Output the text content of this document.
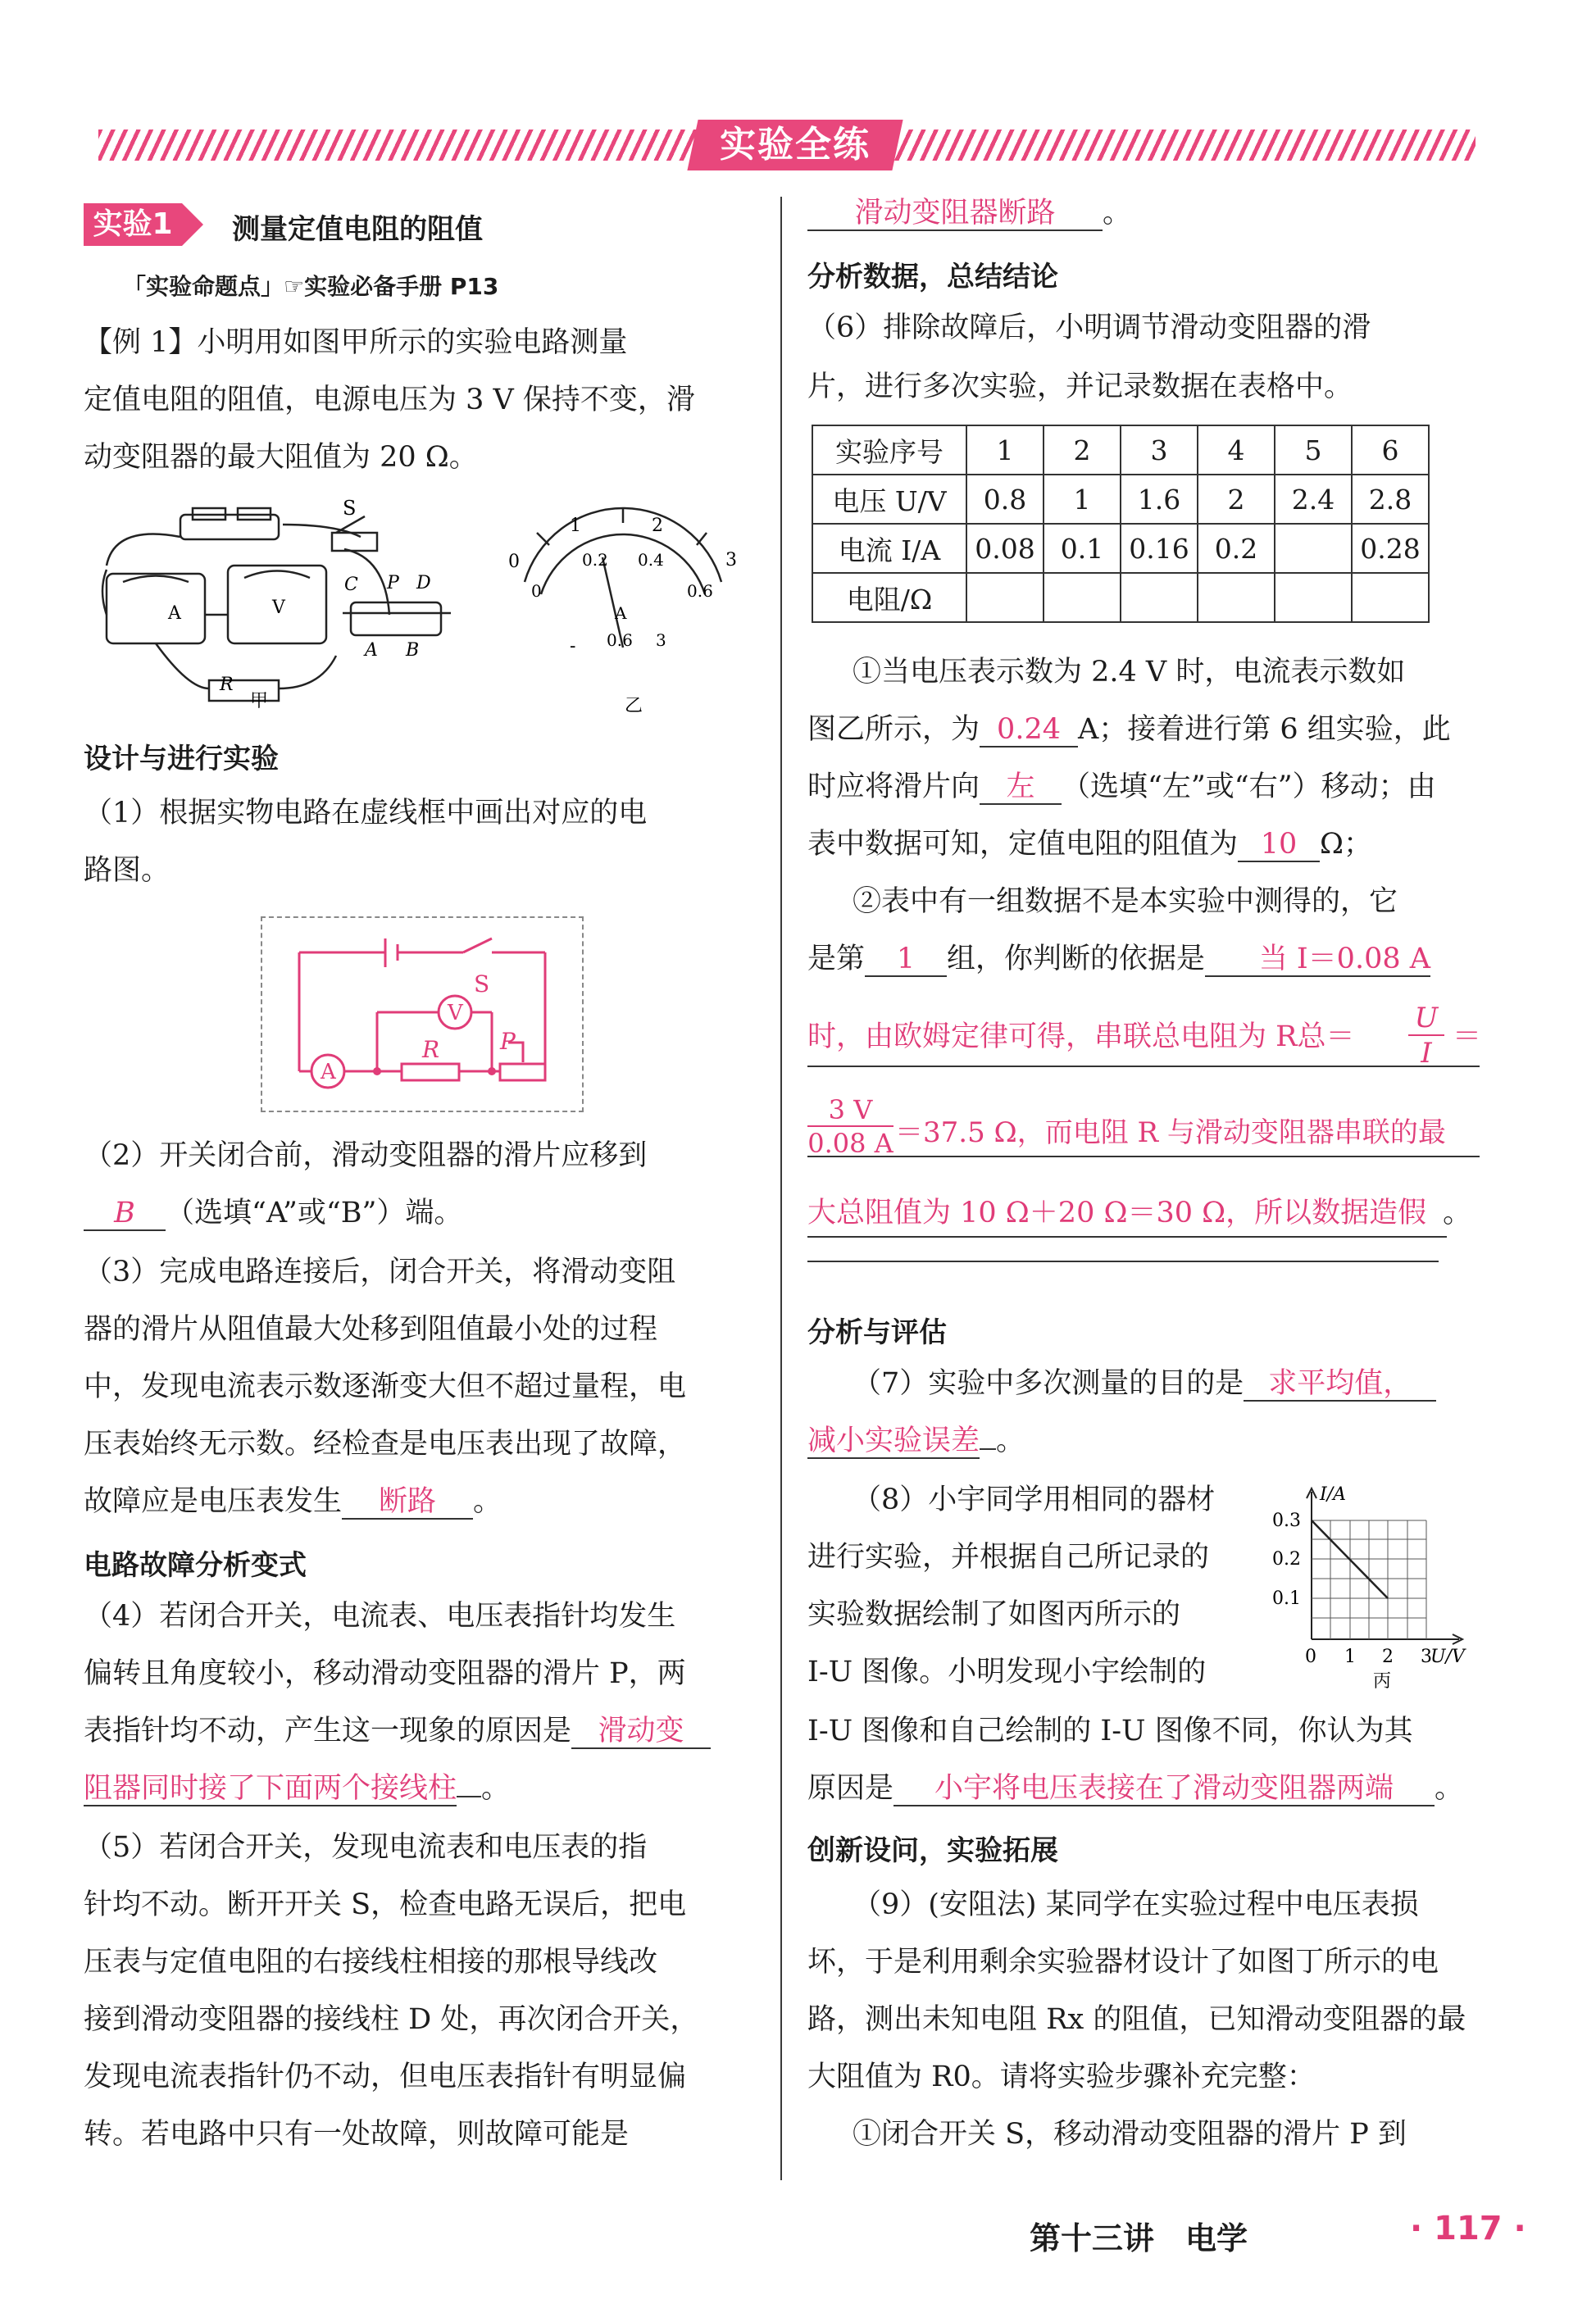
实验全练
实验1	测量定值电阻的阻值
「实验命题点」☞实验必备手册 P13
【例 1】小明用如图甲所示的实验电路测量
定值电阻的阻值，电源电压为 3 V 保持不变，滑
动变阻器的最大阻值为 20 Ω。
A	V
S
C P D
A B
R
甲
0
1	2
3
0.2 0.4
0.6
0
A
- 0.6 3
乙
设计与进行实验
（1）根据实物电路在虚线框中画出对应的电
路图。
S
V
A
R	P
（2）开关闭合前，滑动变阻器的滑片应移到
B （选填“A”或“B”）端。
（3）完成电路连接后，闭合开关，将滑动变阻
器的滑片从阻值最大处移到阻值最小处的过程
中，发现电流表示数逐渐变大但不超过量程，电
压表始终无示数。经检查是电压表出现了故障，
故障应是电压表发生 断路 。
电路故障分析变式
（4）若闭合开关，电流表、电压表指针均发生
偏转且角度较小，移动滑动变阻器的滑片 P，两
表指针均不动，产生这一现象的原因是 滑动变
阻器同时接了下面两个接线柱 。
（5）若闭合开关，发现电流表和电压表的指
针均不动。断开开关 S，检查电路无误后，把电
压表与定值电阻的右接线柱相接的那根导线改
接到滑动变阻器的接线柱 D 处，再次闭合开关，
发现电流表指针仍不动，但电压表指针有明显偏
转。若电路中只有一处故障，则故障可能是
滑动变阻器断路 。
分析数据，总结结论
（6）排除故障后，小明调节滑动变阻器的滑
片，进行多次实验，并记录数据在表格中。
实验序号	1	2	3	4	5	6
电压 U/V	0.8	1	1.6	2	2.4	2.8
电流 I/A	0.08	0.1	0.16	0.2		0.28
电阻/Ω						
①当电压表示数为 2.4 V 时，电流表示数如
图乙所示，为 0.24 A；接着进行第 6 组实验，此
时应将滑片向 左 （选填“左”或“右”）移动；由
表中数据可知，定值电阻的阻值为 10 Ω；
②表中有一组数据不是本实验中测得的，它
是第 1 组，你判断的依据是 当 I＝0.08 A
时，由欧姆定律可得，串联总电阻为 R总＝ $\frac{U}{I}$ ＝
$\frac{3 V}{0.08 A} =37.5$ Ω，而电阻 R 与滑动变阻器串联的最
大总阻值为 10 Ω＋20 Ω＝30 Ω，所以数据造假 。
分析与评估
（7）实验中多次测量的目的是 求平均值，
减小实验误差 。
（8）小宇同学用相同的器材
进行实验，并根据自己所记录的
实验数据绘制了如图丙所示的
I-U 图像。小明发现小宇绘制的
I/A
U/V
0.3
0.2
0.1
0 1 2 3
丙
I-U 图像和自己绘制的 I-U 图像不同，你认为其
原因是 小宇将电压表接在了滑动变阻器两端 。
创新设问，实验拓展
（9）(安阻法) 某同学在实验过程中电压表损
坏，于是利用剩余实验器材设计了如图丁所示的电
路，测出未知电阻 Rx 的阻值，已知滑动变阻器的最
大阻值为 R0。请将实验步骤补充完整：
①闭合开关 S，移动滑动变阻器的滑片 P 到
第十三讲　电学	· 117 ·
